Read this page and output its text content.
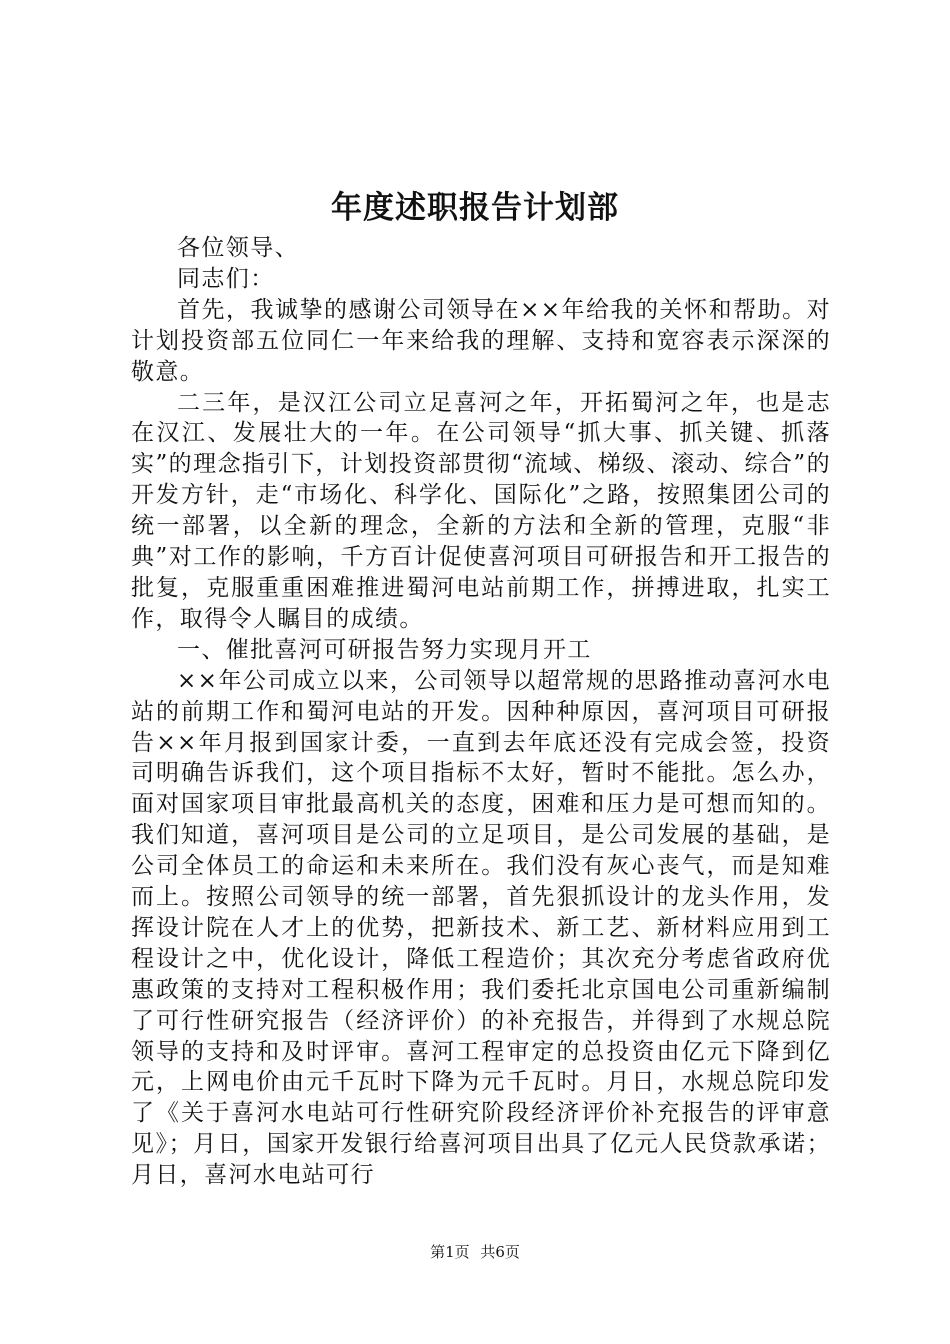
年度述职报告计划部

各位领导、

同志们：

首先，我诚挚的感谢公司领导在××年给我的关怀和帮助。对计划投资部五位同仁一年来给我的理解、支持和宽容表示深深的敬意。

二三年，是汉江公司立足喜河之年，开拓蜀河之年，也是志在汉江、发展壮大的一年。在公司领导“抓大事、抓关键、抓落实”的理念指引下，计划投资部贯彻“流域、梯级、滚动、综合”的开发方针，走“市场化、科学化、国际化”之路，按照集团公司的统一部署，以全新的理念，全新的方法和全新的管理，克服“非典”对工作的影响，千方百计促使喜河项目可研报告和开工报告的批复，克服重重困难推进蜀河电站前期工作，拼搏进取，扎实工作，取得令人瞩目的成绩。

一、催批喜河可研报告努力实现月开工

××年公司成立以来，公司领导以超常规的思路推动喜河水电站的前期工作和蜀河电站的开发。因种种原因，喜河项目可研报告××年月报到国家计委，一直到去年底还没有完成会签，投资司明确告诉我们，这个项目指标不太好，暂时不能批。怎么办，面对国家项目审批最高机关的态度，困难和压力是可想而知的。我们知道，喜河项目是公司的立足项目，是公司发展的基础，是公司全体员工的命运和未来所在。我们没有灰心丧气，而是知难而上。按照公司领导的统一部署，首先狠抓设计的龙头作用，发挥设计院在人才上的优势，把新技术、新工艺、新材料应用到工程设计之中，优化设计，降低工程造价；其次充分考虑省政府优惠政策的支持对工程积极作用；我们委托北京国电公司重新编制了可行性研究报告（经济评价）的补充报告，并得到了水规总院领导的支持和及时评审。喜河工程审定的总投资由亿元下降到亿元，上网电价由元千瓦时下降为元千瓦时。月日，水规总院印发了《关于喜河水电站可行性研究阶段经济评价补充报告的评审意见》；月日，国家开发银行给喜河项目出具了亿元人民贷款承诺；月日，喜河水电站可行

第1页 共6页
